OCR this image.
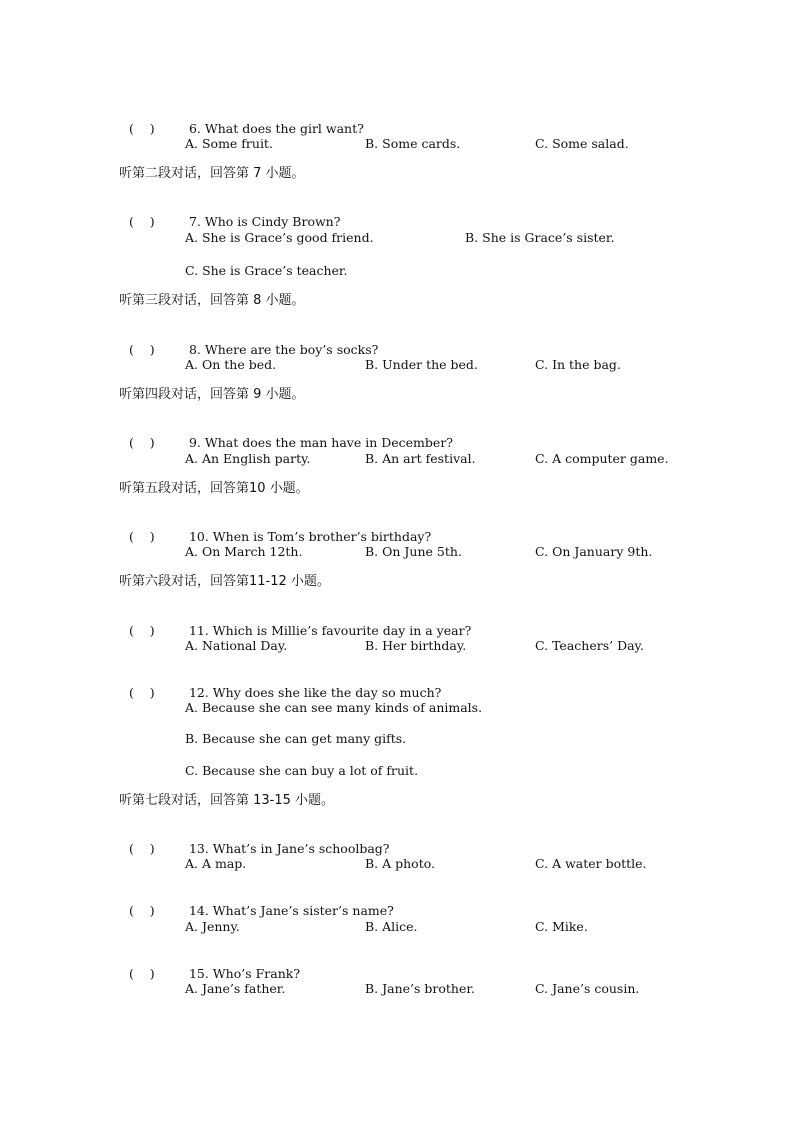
(    )	6. What does the girl want?

A. Some fruit.	B. Some cards.	C. Some salad.
听第二段对话，回答第 7 小题。

(    )	7. Who is Cindy Brown?

A. She is Grace’s good friend.	B. She is Grace’s sister.
C. She is Grace’s teacher.
听第三段对话，回答第 8 小题。

(    )	8. Where are the boy’s socks?

A. On the bed.	B. Under the bed.	C. In the bag.
听第四段对话，回答第 9 小题。

(    )	9. What does the man have in December?

A. An English party.	B. An art festival.	C. A computer game.
听第五段对话，回答第10 小题。

(    )	10. When is Tom’s brother’s birthday?

A. On March 12th.	B. On June 5th.	C. On January 9th.
听第六段对话，回答第11-12 小题。

(    )	11. Which is Millie’s favourite day in a year?

A. National Day.	B. Her birthday.	C. Teachers’ Day.

(    )	12. Why does she like the day so much?

A. Because she can see many kinds of animals.
B. Because she can get many gifts.
C. Because she can buy a lot of fruit.
听第七段对话，回答第 13-15 小题。

(    )	13. What’s in Jane’s schoolbag?

A. A map.	B. A photo.	C. A water bottle.

(    )	14. What’s Jane’s sister’s name?

A. Jenny.	B. Alice.	C. Mike.

(    )	15. Who’s Frank?

A. Jane’s father.	B. Jane’s brother.	C. Jane’s cousin.
